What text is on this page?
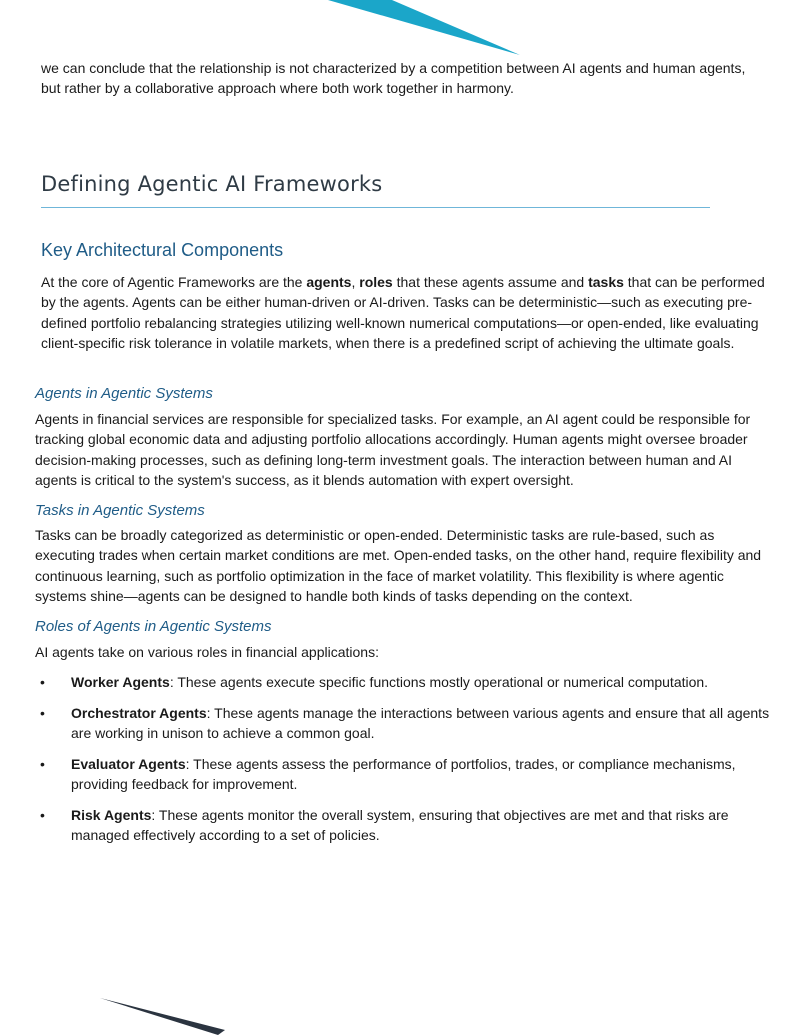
we can conclude that the relationship is not characterized by a competition between AI agents and human agents, but rather by a collaborative approach where both work together in harmony.

Defining Agentic AI Frameworks
Key Architectural Components

At the core of Agentic Frameworks are the agents, roles that these agents assume and tasks that can be performed by the agents. Agents can be either human-driven or AI-driven. Tasks can be deterministic—such as executing pre-defined portfolio rebalancing strategies utilizing well-known numerical computations—or open-ended, like evaluating client-specific risk tolerance in volatile markets, when there is a predefined script of achieving the ultimate goals.

Agents in Agentic Systems

Agents in financial services are responsible for specialized tasks. For example, an AI agent could be responsible for tracking global economic data and adjusting portfolio allocations accordingly. Human agents might oversee broader decision-making processes, such as defining long-term investment goals. The interaction between human and AI agents is critical to the system's success, as it blends automation with expert oversight.

Tasks in Agentic Systems

Tasks can be broadly categorized as deterministic or open-ended. Deterministic tasks are rule-based, such as executing trades when certain market conditions are met. Open-ended tasks, on the other hand, require flexibility and continuous learning, such as portfolio optimization in the face of market volatility. This flexibility is where agentic systems shine—agents can be designed to handle both kinds of tasks depending on the context.

Roles of Agents in Agentic Systems

AI agents take on various roles in financial applications:

• Worker Agents: These agents execute specific functions mostly operational or numerical computation.
• Orchestrator Agents: These agents manage the interactions between various agents and ensure that all agents are working in unison to achieve a common goal.
• Evaluator Agents: These agents assess the performance of portfolios, trades, or compliance mechanisms, providing feedback for improvement.
• Risk Agents: These agents monitor the overall system, ensuring that objectives are met and that risks are managed effectively according to a set of policies.
